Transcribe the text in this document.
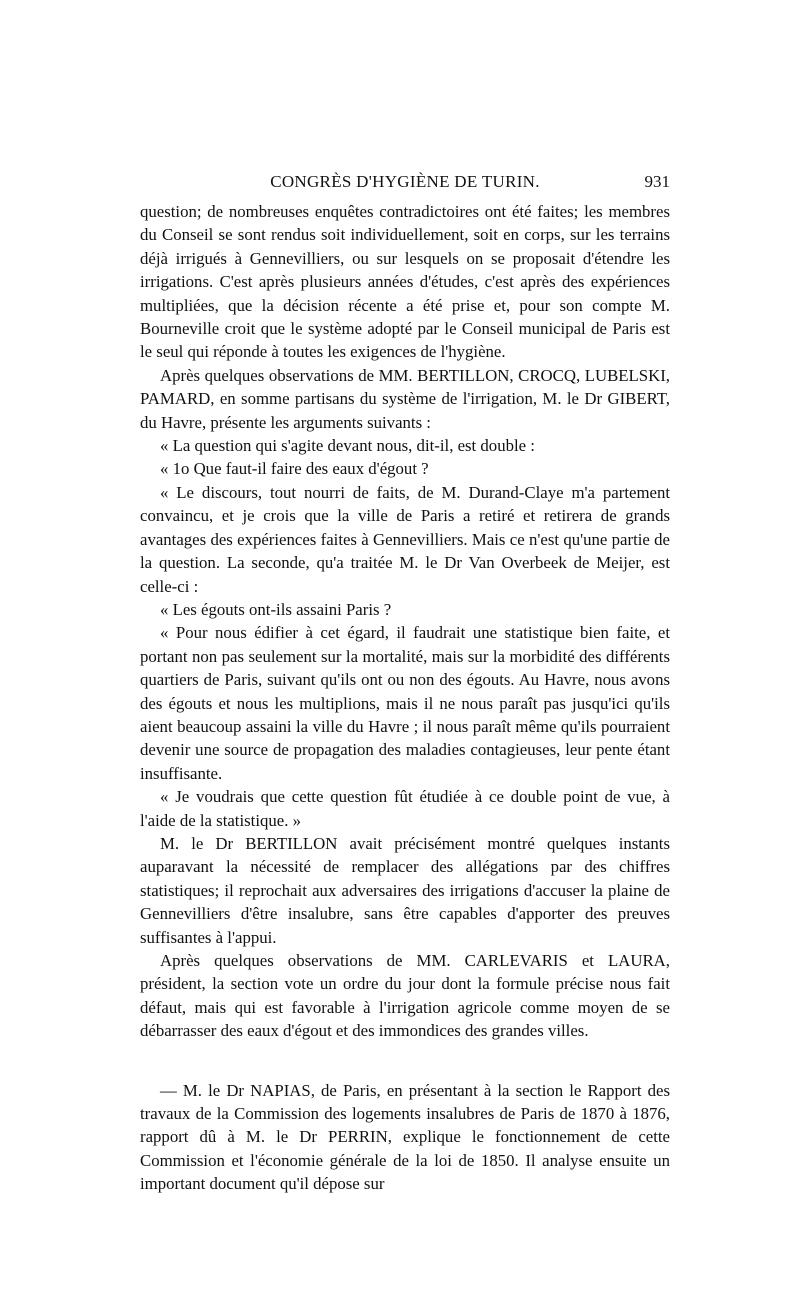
CONGRÈS D'HYGIÈNE DE TURIN.	931

question; de nombreuses enquêtes contradictoires ont été faites; les membres du Conseil se sont rendus soit individuellement, soit en corps, sur les terrains déjà irrigués à Gennevilliers, ou sur lesquels on se proposait d'étendre les irrigations. C'est après plusieurs années d'études, c'est après des expériences multipliées, que la décision récente a été prise et, pour son compte M. Bourneville croit que le système adopté par le Conseil municipal de Paris est le seul qui réponde à toutes les exigences de l'hygiène.

Après quelques observations de MM. BERTILLON, CROCQ, LUBELSKI, PAMARD, en somme partisans du système de l'irrigation, M. le Dr GIBERT, du Havre, présente les arguments suivants :

« La question qui s'agite devant nous, dit-il, est double :

« 1o Que faut-il faire des eaux d'égout ?

« Le discours, tout nourri de faits, de M. Durand-Claye m'a partement convaincu, et je crois que la ville de Paris a retiré et retirera de grands avantages des expériences faites à Gennevilliers. Mais ce n'est qu'une partie de la question. La seconde, qu'a traitée M. le Dr Van Overbeek de Meijer, est celle-ci :

« Les égouts ont-ils assaini Paris ?

« Pour nous édifier à cet égard, il faudrait une statistique bien faite, et portant non pas seulement sur la mortalité, mais sur la morbidité des différents quartiers de Paris, suivant qu'ils ont ou non des égouts. Au Havre, nous avons des égouts et nous les multiplions, mais il ne nous paraît pas jusqu'ici qu'ils aient beaucoup assaini la ville du Havre ; il nous paraît même qu'ils pourraient devenir une source de propagation des maladies contagieuses, leur pente étant insuffisante.

« Je voudrais que cette question fût étudiée à ce double point de vue, à l'aide de la statistique. »

M. le Dr BERTILLON avait précisément montré quelques instants auparavant la nécessité de remplacer des allégations par des chiffres statistiques; il reprochait aux adversaires des irrigations d'accuser la plaine de Gennevilliers d'être insalubre, sans être capables d'apporter des preuves suffisantes à l'appui.

Après quelques observations de MM. CARLEVARIS et LAURA, président, la section vote un ordre du jour dont la formule précise nous fait défaut, mais qui est favorable à l'irrigation agricole comme moyen de se débarrasser des eaux d'égout et des immondices des grandes villes.

— M. le Dr NAPIAS, de Paris, en présentant à la section le Rapport des travaux de la Commission des logements insalubres de Paris de 1870 à 1876, rapport dû à M. le Dr PERRIN, explique le fonctionnement de cette Commission et l'économie générale de la loi de 1850. Il analyse ensuite un important document qu'il dépose sur
